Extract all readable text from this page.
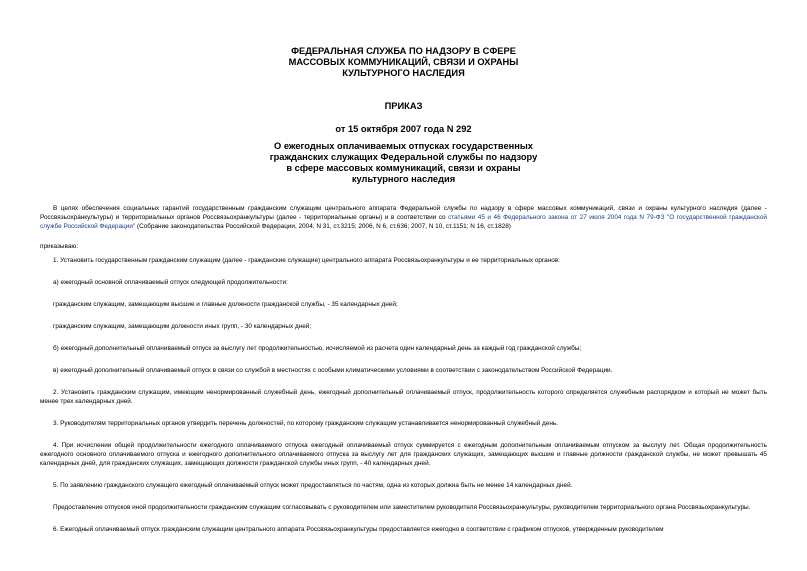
ФЕДЕРАЛЬНАЯ СЛУЖБА ПО НАДЗОРУ В СФЕРЕ
МАССОВЫХ КОММУНИКАЦИЙ, СВЯЗИ И ОХРАНЫ
КУЛЬТУРНОГО НАСЛЕДИЯ
ПРИКАЗ
от 15 октября 2007 года N 292
О ежегодных оплачиваемых отпусках государственных
гражданских служащих Федеральной службы по надзору
в сфере массовых коммуникаций, связи и охраны
культурного наследия

В целях обеспечения социальных гарантий государственным гражданским служащим центрального аппарата Федеральной службы по надзору в сфере массовых коммуникаций, связи и охраны культурного наследия (далее - Россвязьохранкультуры) и территориальных органов Россвязьохранкультуры (далее - территориальные органы) и в соответствии со статьями 45 и 46 Федерального закона от 27 июля 2004 года N 79-ФЗ "О государственной гражданской службе Российской Федерации" (Собрание законодательства Российской Федерации, 2004, N 31, ст.3215; 2006, N 6, ст.636; 2007, N 10, ст.1151; N 16, ст.1828)

приказываю:

1. Установить государственным гражданским служащим (далее - гражданские служащие) центрального аппарата Россвязьохранкультуры и ее территориальных органов:

а) ежегодный основной оплачиваемый отпуск следующей продолжительности:

гражданским служащим, замещающим высшие и главные должности гражданской службы, - 35 календарных дней;

гражданским служащим, замещающим должности иных групп, - 30 календарных дней;

б) ежегодный дополнительный оплачиваемый отпуск за выслугу лет продолжительностью, исчисляемой из расчета один календарный день за каждый год гражданской службы;

в) ежегодный дополнительный оплачиваемый отпуск в связи со службой в местностях с особыми климатическими условиями в соответствии с законодательством Российской Федерации.

2. Установить гражданским служащим, имеющим ненормированный служебный день, ежегодный дополнительный оплачиваемый отпуск, продолжительность которого определяется служебным распорядком и который не может быть менее трех календарных дней.

3. Руководителям территориальных органов утвердить перечень должностей, по которому гражданским служащим устанавливается ненормированный служебный день.

4. При исчислении общей продолжительности ежегодного оплачиваемого отпуска ежегодный оплачиваемый отпуск суммируется с ежегодным дополнительным оплачиваемым отпуском за выслугу лет. Общая продолжительность ежегодного основного оплачиваемого отпуска и ежегодного дополнительного оплачиваемого отпуска за выслугу лет для гражданских служащих, замещающих высшие и главные должности гражданской службы, не может превышать 45 календарных дней, для гражданских служащих, замещающих должности гражданской службы иных групп, - 40 календарных дней.

5. По заявлению гражданского служащего ежегодный оплачиваемый отпуск может предоставляться по частям, одна из которых должна быть не менее 14 календарных дней.

Предоставление отпусков иной продолжительности гражданским служащим согласовывать с руководителем или заместителем руководителя Россвязьохранкультуры, руководителем территориального органа Россвязьохранкультуры.

6. Ежегодный оплачиваемый отпуск гражданским служащим центрального аппарата Россвязьохранкультуры предоставляется ежегодно в соответствии с графиком отпусков, утвержденным руководителем
